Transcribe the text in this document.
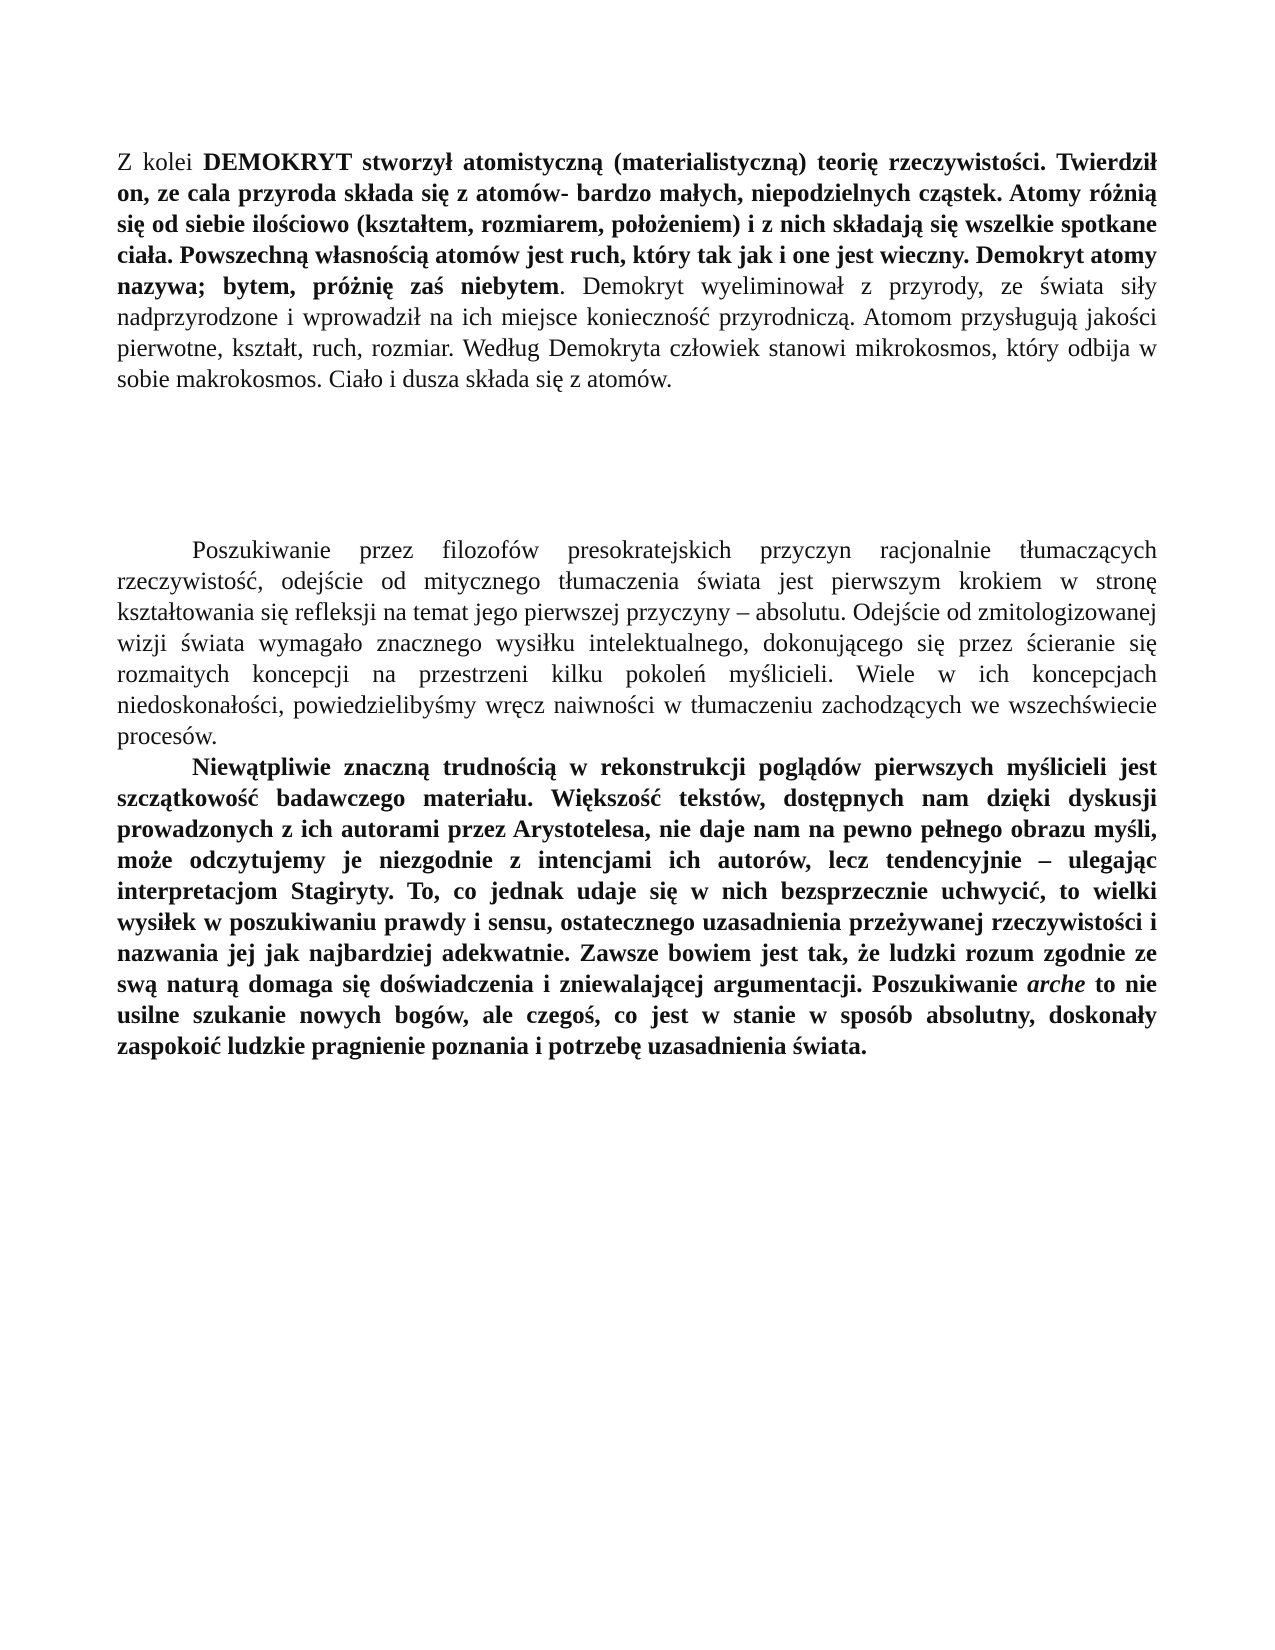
Z kolei DEMOKRYT stworzył atomistyczną (materialistyczną) teorię rzeczywistości. Twierdził on, ze cala przyroda składa się z atomów- bardzo małych, niepodzielnych cząstek. Atomy różnią się od siebie ilościowo (kształtem, rozmiarem, położeniem) i z nich składają się wszelkie spotkane ciała. Powszechną własnością atomów jest ruch, który tak jak i one jest wieczny. Demokryt atomy nazywa; bytem, próżnię zaś niebytem. Demokryt wyeliminował z przyrody, ze świata siły nadprzyrodzone i wprowadził na ich miejsce konieczność przyrodniczą. Atomom przysługują jakości pierwotne, kształt, ruch, rozmiar. Według Demokryta człowiek stanowi mikrokosmos, który odbija w sobie makrokosmos. Ciało i dusza składa się z atomów.

Poszukiwanie przez filozofów presokratejskich przyczyn racjonalnie tłumaczących rzeczywistość, odejście od mitycznego tłumaczenia świata jest pierwszym krokiem w stronę kształtowania się refleksji na temat jego pierwszej przyczyny – absolutu. Odejście od zmitologizowanej wizji świata wymagało znacznego wysiłku intelektualnego, dokonującego się przez ścieranie się rozmaitych koncepcji na przestrzeni kilku pokoleń myślicieli. Wiele w ich koncepcjach niedoskonałości, powiedzielibyśmy wręcz naiwności w tłumaczeniu zachodzących we wszechświecie procesów.

Niewątpliwie znaczną trudnością w rekonstrukcji poglądów pierwszych myślicieli jest szczątkowość badawczego materiału. Większość tekstów, dostępnych nam dzięki dyskusji prowadzonych z ich autorami przez Arystotelesa, nie daje nam na pewno pełnego obrazu myśli, może odczytujemy je niezgodnie z intencjami ich autorów, lecz tendencyjnie – ulegając interpretacjom Stagiryty. To, co jednak udaje się w nich bezsprzecznie uchwycić, to wielki wysiłek w poszukiwaniu prawdy i sensu, ostatecznego uzasadnienia przeżywanej rzeczywistości i nazwania jej jak najbardziej adekwatnie. Zawsze bowiem jest tak, że ludzki rozum zgodnie ze swą naturą domaga się doświadczenia i zniewalającej argumentacji. Poszukiwanie arche to nie usilne szukanie nowych bogów, ale czegoś, co jest w stanie w sposób absolutny, doskonały zaspokoić ludzkie pragnienie poznania i potrzebę uzasadnienia świata.
